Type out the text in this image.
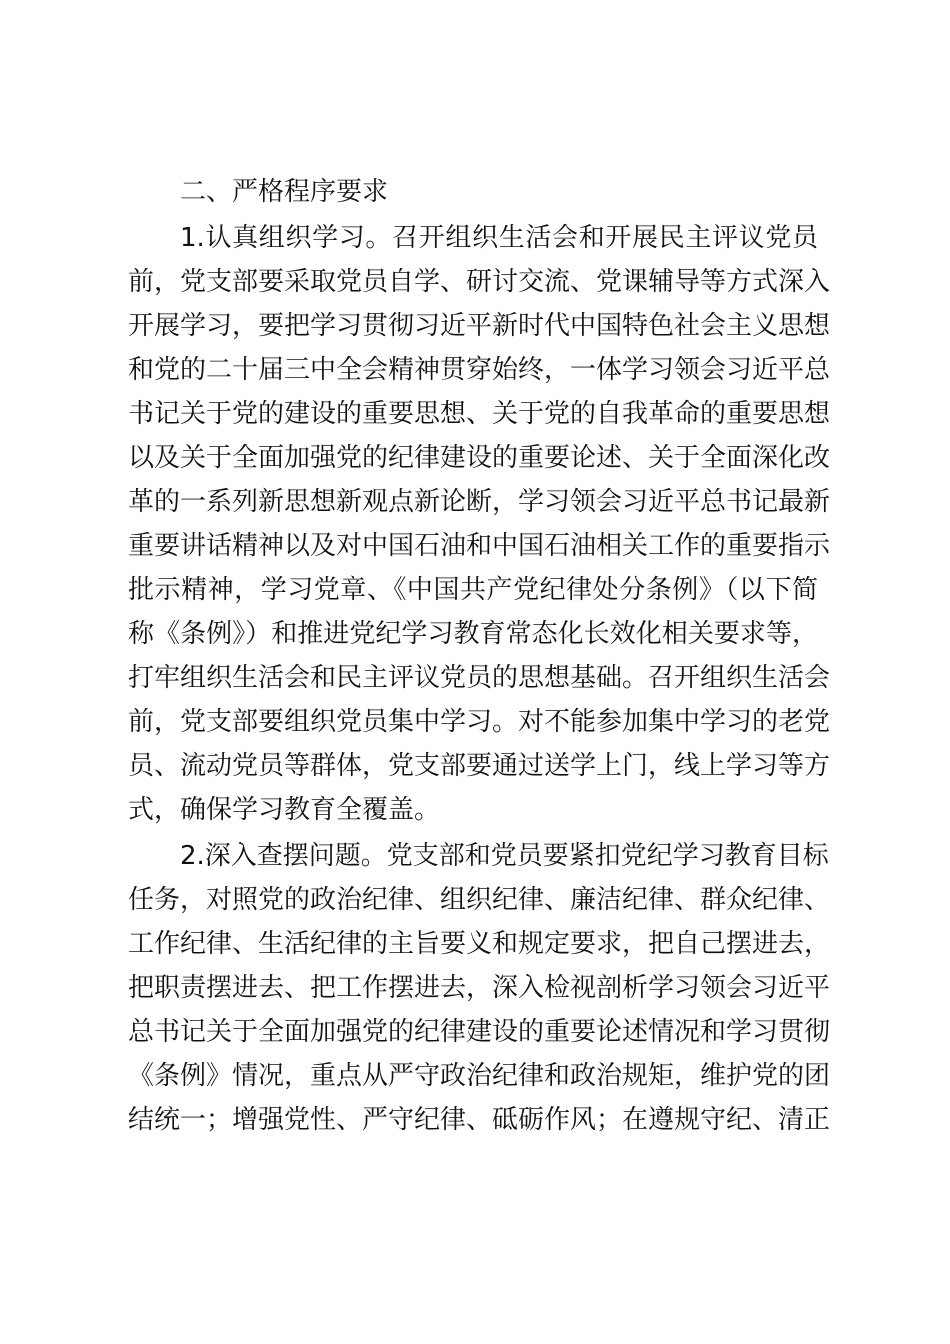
二、严格程序要求
1.认真组织学习。召开组织生活会和开展民主评议党员
前，党支部要采取党员自学、研讨交流、党课辅导等方式深入
开展学习，要把学习贯彻习近平新时代中国特色社会主义思想
和党的二十届三中全会精神贯穿始终，一体学习领会习近平总
书记关于党的建设的重要思想、关于党的自我革命的重要思想
以及关于全面加强党的纪律建设的重要论述、关于全面深化改
革的一系列新思想新观点新论断，学习领会习近平总书记最新
重要讲话精神以及对中国石油和中国石油相关工作的重要指示
批示精神，学习党章、《中国共产党纪律处分条例》（以下简
称《条例》）和推进党纪学习教育常态化长效化相关要求等，
打牢组织生活会和民主评议党员的思想基础。召开组织生活会
前，党支部要组织党员集中学习。对不能参加集中学习的老党
员、流动党员等群体，党支部要通过送学上门，线上学习等方
式，确保学习教育全覆盖。
2.深入查摆问题。党支部和党员要紧扣党纪学习教育目标
任务，对照党的政治纪律、组织纪律、廉洁纪律、群众纪律、
工作纪律、生活纪律的主旨要义和规定要求，把自己摆进去，
把职责摆进去、把工作摆进去，深入检视剖析学习领会习近平
总书记关于全面加强党的纪律建设的重要论述情况和学习贯彻
《条例》情况，重点从严守政治纪律和政治规矩，维护党的团
结统一；增强党性、严守纪律、砥砺作风；在遵规守纪、清正
